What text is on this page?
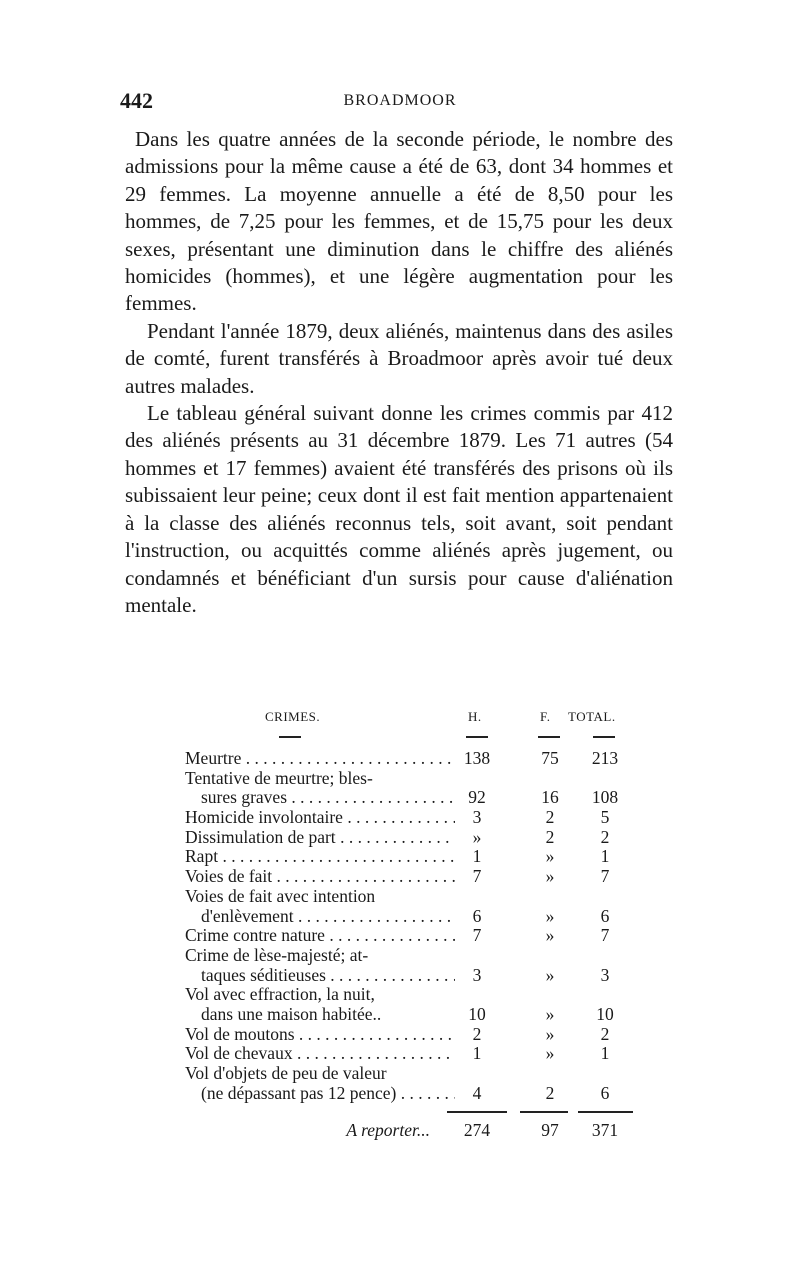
442	BROADMOOR

Dans les quatre années de la seconde période, le nombre des admissions pour la même cause a été de 63, dont 34 hommes et 29 femmes. La moyenne annuelle a été de 8,50 pour les hommes, de 7,25 pour les femmes, et de 15,75 pour les deux sexes, présentant une diminution dans le chiffre des aliénés homicides (hommes), et une légère augmentation pour les femmes.

Pendant l'année 1879, deux aliénés, maintenus dans des asiles de comté, furent transférés à Broadmoor après avoir tué deux autres malades.

Le tableau général suivant donne les crimes commis par 412 des aliénés présents au 31 décembre 1879. Les 71 autres (54 hommes et 17 femmes) avaient été transférés des prisons où ils subissaient leur peine; ceux dont il est fait mention appartenaient à la classe des aliénés reconnus tels, soit avant, soit pendant l'instruction, ou acquittés comme aliénés après jugement, ou condamnés et bénéficiant d'un sursis pour cause d'aliénation mentale.

CRIMES.	H.	F. TOTAL.
Meurtre . . .	138	75	213
Tentative de meurtre; bles-
sures graves . . .	92	16	108
Homicide involontaire . . .	3	2	5
Dissimulation de part . . .	»	2	2
Rapt . . .	1	»	1
Voies de fait . . .	7	»	7
Voies de fait avec intention
d'enlèvement . . .	6	»	6
Crime contre nature . . .	7	»	7
Crime de lèse-majesté; at-
taques séditieuses . . .	3	»	3
Vol avec effraction, la nuit,
dans une maison habitée..	10	»	10
Vol de moutons . . .	2	»	2
Vol de chevaux . . .	1	»	1
Vol d'objets de peu de valeur
(ne dépassant pas 12 pence) . . .	4	2	6
A reporter...	274	97	371
